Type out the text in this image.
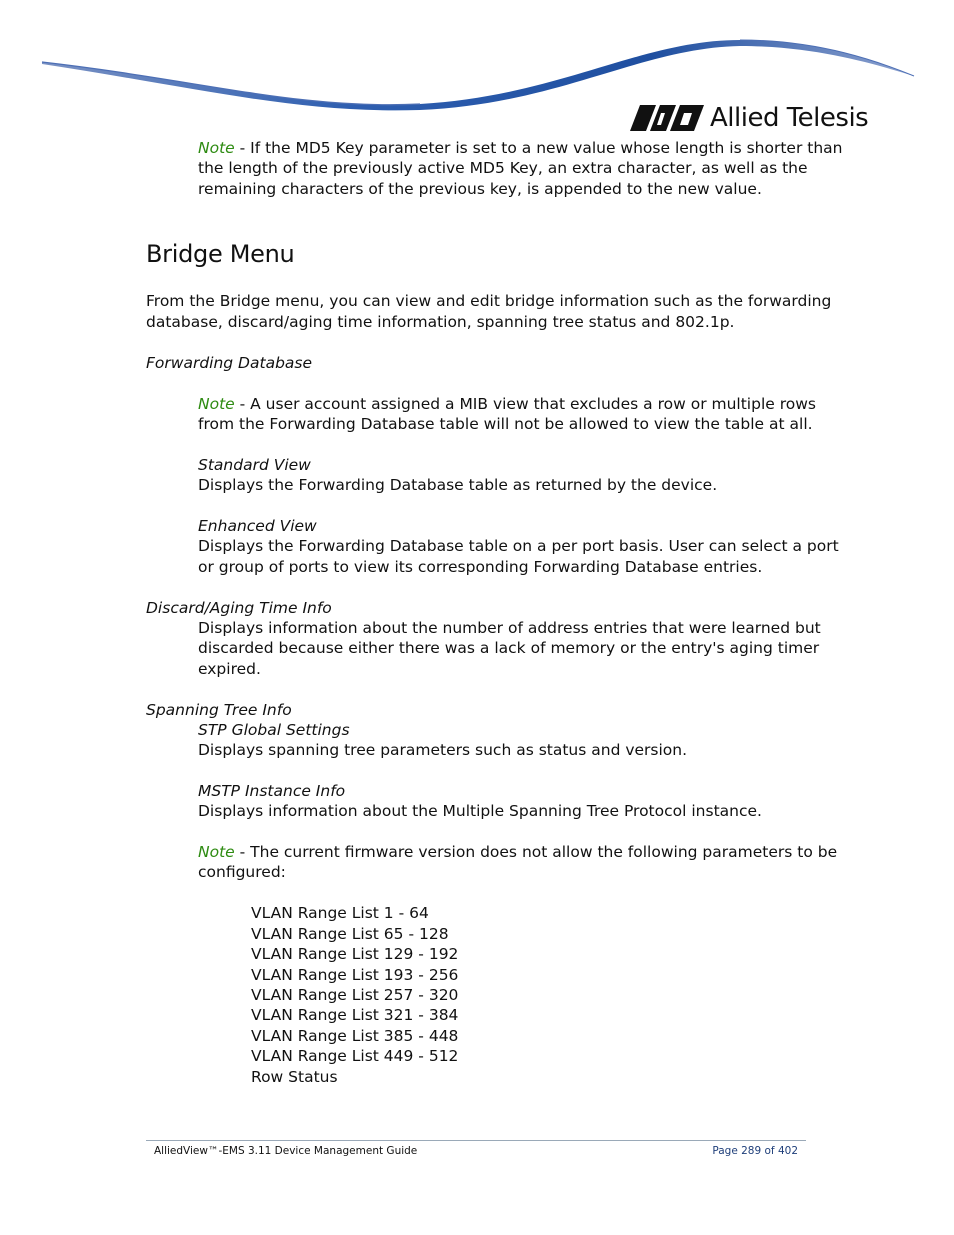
Allied Telesis
Note - If the MD5 Key parameter is set to a new value whose length is shorter than
the length of the previously active MD5 Key, an extra character, as well as the
remaining characters of the previous key, is appended to the new value.
Bridge Menu
From the Bridge menu, you can view and edit bridge information such as the forwarding
database, discard/aging time information, spanning tree status and 802.1p.
Forwarding Database
Note - A user account assigned a MIB view that excludes a row or multiple rows
from the Forwarding Database table will not be allowed to view the table at all.
Standard View
Displays the Forwarding Database table as returned by the device.
Enhanced View
Displays the Forwarding Database table on a per port basis. User can select a port
or group of ports to view its corresponding Forwarding Database entries.
Discard/Aging Time Info
Displays information about the number of address entries that were learned but
discarded because either there was a lack of memory or the entry's aging timer
expired.
Spanning Tree Info
STP Global Settings
Displays spanning tree parameters such as status and version.
MSTP Instance Info
Displays information about the Multiple Spanning Tree Protocol instance.
Note - The current firmware version does not allow the following parameters to be
configured:
VLAN Range List 1 - 64
VLAN Range List 65 - 128
VLAN Range List 129 - 192
VLAN Range List 193 - 256
VLAN Range List 257 - 320
VLAN Range List 321 - 384
VLAN Range List 385 - 448
VLAN Range List 449 - 512
Row Status
AlliedView™-EMS 3.11 Device Management Guide	Page 289 of 402
